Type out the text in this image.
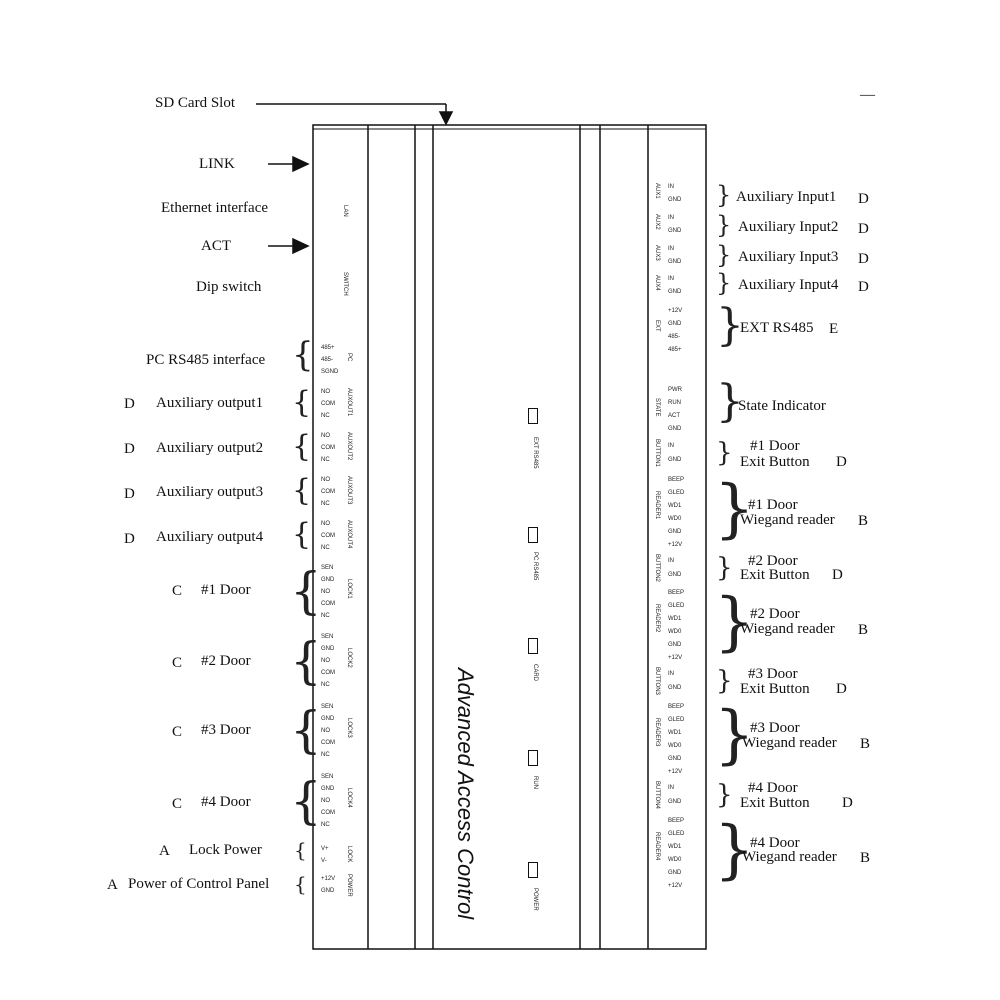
SD Card Slot	—
Advanced Access Control
LINK
Ethernet interface
ACT
Dip switch
PC RS485 interface
D Auxiliary output1
D Auxiliary output2
D Auxiliary output3
D Auxiliary output4
C #1 Door
C #2 Door
C #3 Door
C #4 Door
A Lock Power
A Power of Control Panel
{
{
{
{
{
{
{
{
{
{
{
} Auxiliary Input1 D
} Auxiliary Input2 D
} Auxiliary Input3 D
} Auxiliary Input4 D
}
EXT RS485 E
}
State Indicator
} #1 Door
Exit Button D
}
#1 Door
Wiegand reader B
} #2 Door
Exit Button D
}
#2 Door
Wiegand reader B
} #3 Door
Exit Button D
}
#3 Door
Wiegand reader B
} #4 Door
Exit Button D
}
#4 Door
Wiegand reader B
EXT RS485
PC RS485
CARD
RUN
POWER
LAN
SWITCH
485+
485-
SGND
PC
NO
COM
NC	AUXOUT1
NO
COM
NC	AUXOUT2
NO
COM
NC	AUXOUT3
NO
COM
NC	AUXOUT4
SEN
GND
NO
COM
NC
LOCK1
SEN
GND
NO
COM
NC
LOCK2
SEN
GND
NO
COM
NC
LOCK3
SEN
GND
NO
COM
NC
LOCK4
V+
V-	LOCK
+12V
GND POWER
IN
GND
AUX1
IN
GND
AUX2
IN
GND
AUX3
IN
GND
AUX4
+12V
GND
485-
485+
EXT
PWR
RUN
ACT
GND
STATE
IN
GND
BUTTON1
IN
GND
BUTTON2
IN
GND
BUTTON3
IN
GND
BUTTON4
BEEP
GLED
WD1
WD0
GND
+12V
READER1
BEEP
GLED
WD1
WD0
GND
+12V
READER2
BEEP
GLED
WD1
WD0
GND
+12V
READER3
BEEP
GLED
WD1
WD0
GND
+12V
READER4
